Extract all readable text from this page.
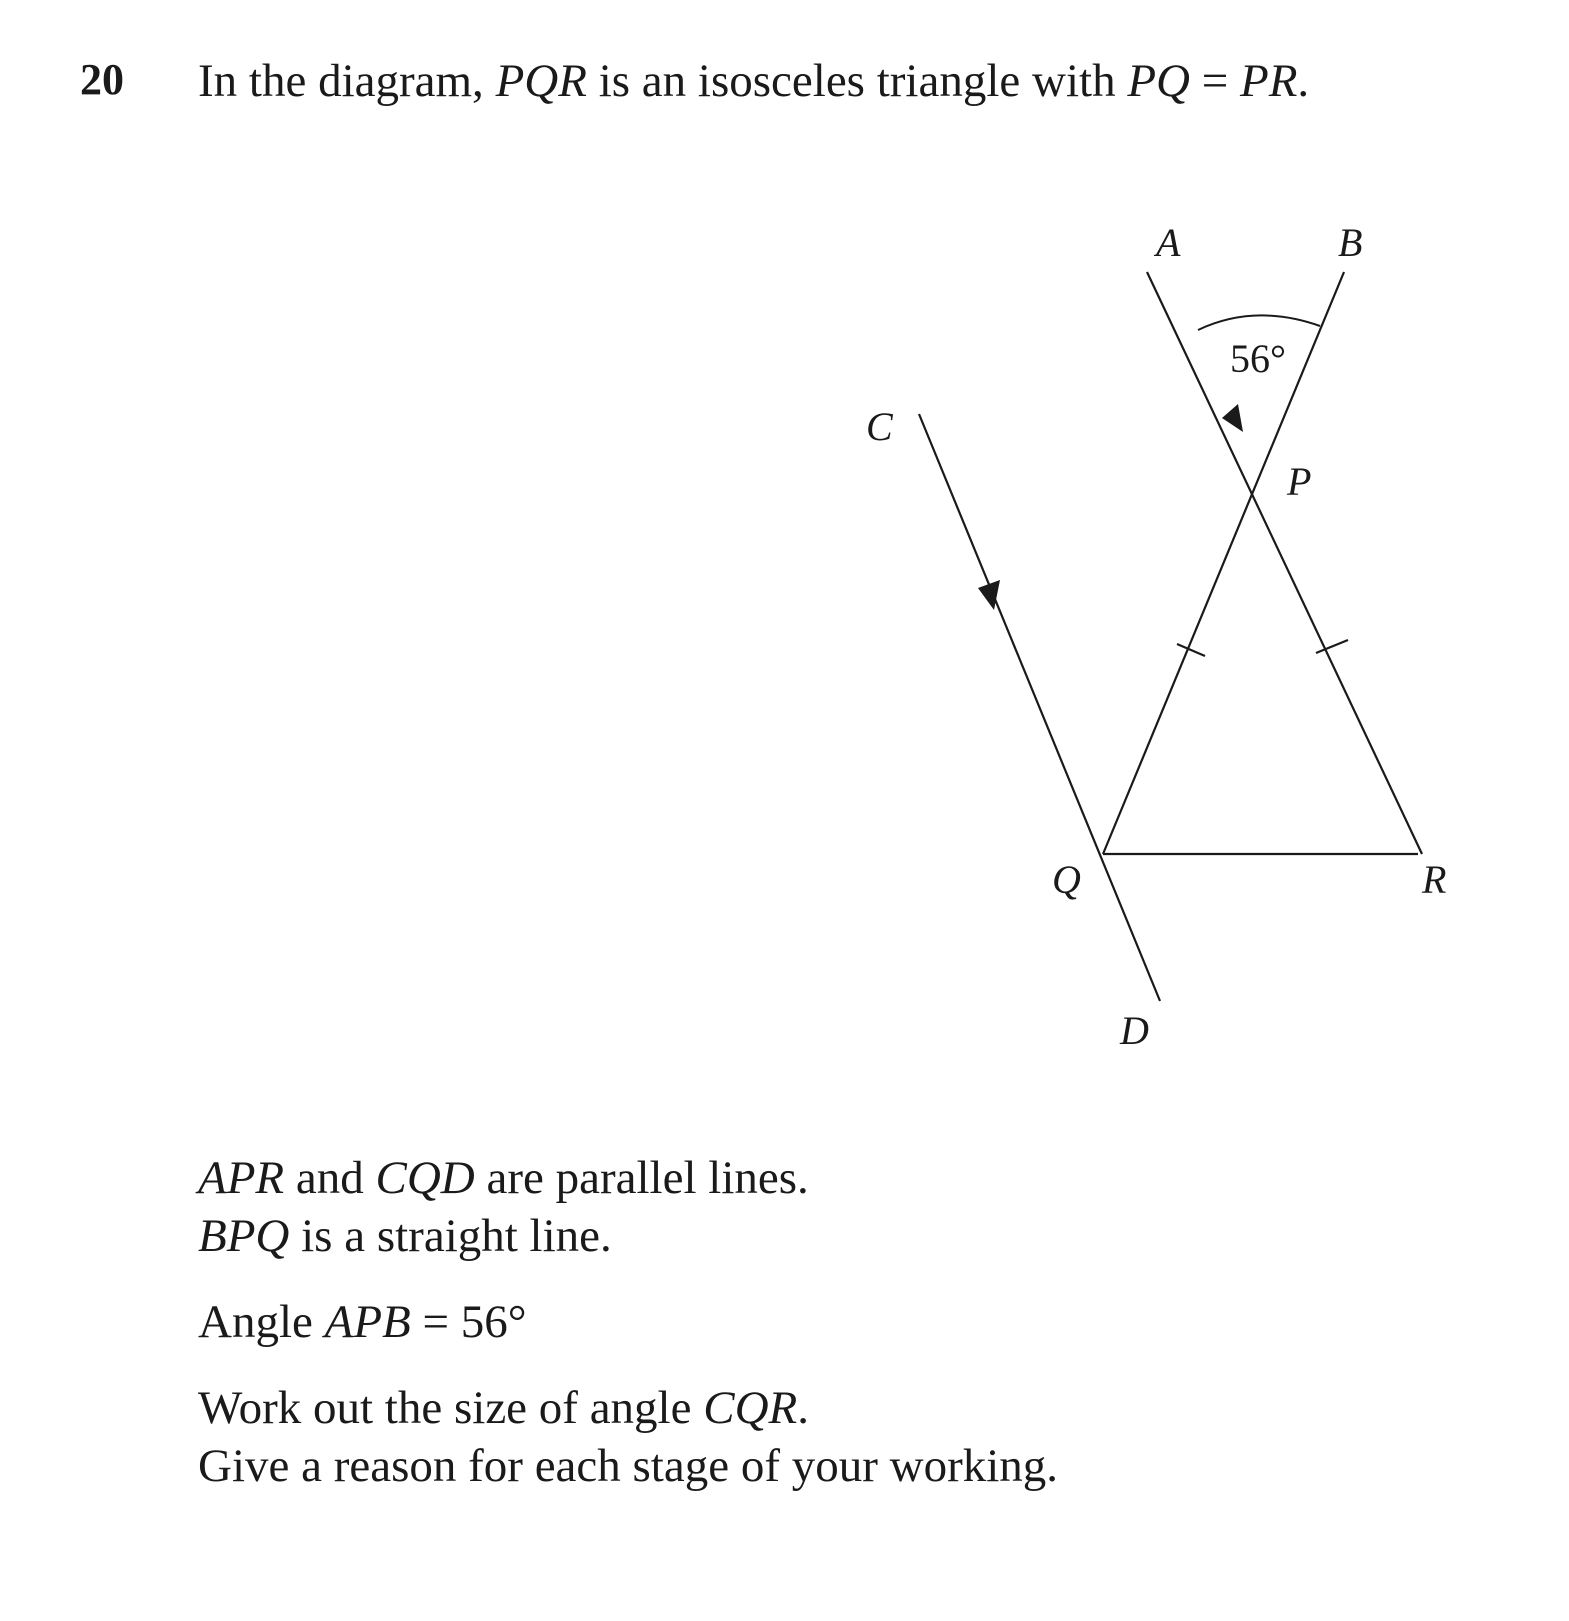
20 In the diagram, PQR is an isosceles triangle with PQ = PR.
A	B
C
P
Q	R
D
56°
APR and CQD are parallel lines.
BPQ is a straight line.
Angle APB = 56°
Work out the size of angle CQR.
Give a reason for each stage of your working.
